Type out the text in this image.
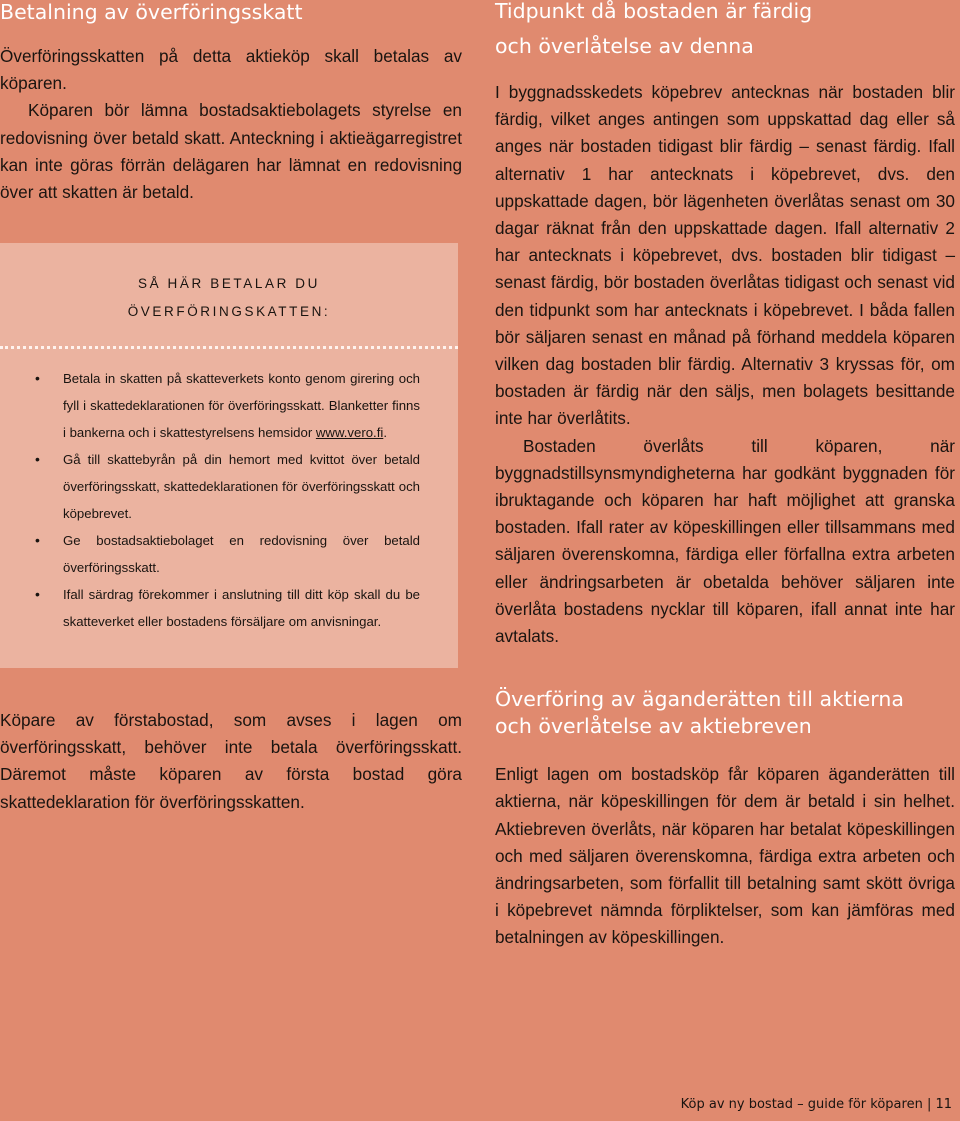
Betalning av överföringsskatt

Överföringsskatten på detta aktieköp skall betalas av köparen.

Köparen bör lämna bostadsaktiebolagets styrelse en redovisning över betald skatt. Anteckning i aktieägarregistret kan inte göras förrän delägaren har lämnat en redovisning över att skatten är betald.

SÅ HÄR BETALAR DU
ÖVERFÖRINGSKATTEN:
• Betala in skatten på skatteverkets konto genom girering och fyll i skattedeklarationen för överföringsskatt. Blanketter finns i bankerna och i skattestyrelsens hemsidor www.vero.fi.
• Gå till skattebyrån på din hemort med kvittot över betald överföringsskatt, skattedeklarationen för överföringsskatt och köpebrevet.
• Ge bostadsaktiebolaget en redovisning över betald överföringsskatt.
• Ifall särdrag förekommer i anslutning till ditt köp skall du be skatteverket eller bostadens försäljare om anvisningar.

Köpare av förstabostad, som avses i lagen om överföringsskatt, behöver inte betala överföringsskatt. Däremot måste köparen av första bostad göra skattedeklaration för överföringsskatten.

Tidpunkt då bostaden är färdig och överlåtelse av denna

I byggnadsskedets köpebrev antecknas när bostaden blir färdig, vilket anges antingen som uppskattad dag eller så anges när bostaden tidigast blir färdig – senast färdig. Ifall alternativ 1 har antecknats i köpebrevet, dvs. den uppskattade dagen, bör lägenheten överlåtas senast om 30 dagar räknat från den uppskattade dagen. Ifall alternativ 2 har antecknats i köpebrevet, dvs. bostaden blir tidigast – senast färdig, bör bostaden överlåtas tidigast och senast vid den tidpunkt som har antecknats i köpebrevet. I båda fallen bör säljaren senast en månad på förhand meddela köparen vilken dag bostaden blir färdig. Alternativ 3 kryssas för, om bostaden är färdig när den säljs, men bolagets besittande inte har överlåtits.

Bostaden överlåts till köparen, när byggnadstillsynsmyndigheterna har godkänt byggnaden för ibruktagande och köparen har haft möjlighet att granska bostaden. Ifall rater av köpeskillingen eller tillsammans med säljaren överenskomna, färdiga eller förfallna extra arbeten eller ändringsarbeten är obetalda behöver säljaren inte överlåta bostadens nycklar till köparen, ifall annat inte har avtalats.

Överföring av äganderätten till aktierna och överlåtelse av aktiebreven

Enligt lagen om bostadsköp får köparen äganderätten till aktierna, när köpeskillingen för dem är betald i sin helhet. Aktiebreven överlåts, när köparen har betalat köpeskillingen och med säljaren överenskomna, färdiga extra arbeten och ändringsarbeten, som förfallit till betalning samt skött övriga i köpebrevet nämnda förpliktelser, som kan jämföras med betalningen av köpeskillingen.

Köp av ny bostad – guide för köparen | 11
